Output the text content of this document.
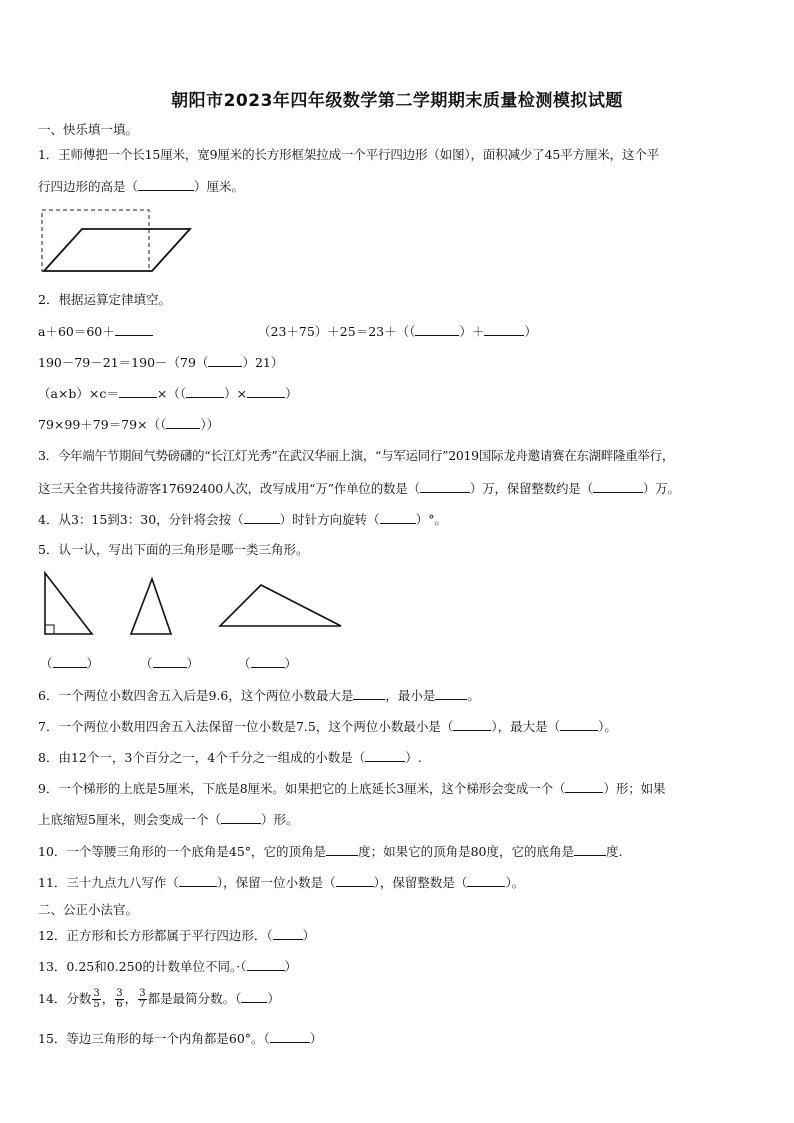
朝阳市2023年四年级数学第二学期期末质量检测模拟试题
一、快乐填一填。
1．王师傅把一个长15厘米，宽9厘米的长方形框架拉成一个平行四边形（如图），面积减少了45平方厘米，这个平
行四边形的高是（	）厘米。
2．根据运算定律填空。
a＋60＝60＋	（23＋75）＋25＝23＋（（	）＋	）
190－79－21＝190－（79（	）21）
（a×b）×c＝	×（（	）×	）
79×99＋79＝79×（（	））
3．今年端午节期间气势磅礴的“长江灯光秀”在武汉华丽上演，“与军运同行”2019国际龙舟邀请赛在东湖畔隆重举行，
这三天全省共接待游客17692400人次，改写成用“万”作单位的数是（	）万，保留整数约是（	）万。
4．从3：15到3：30，分针将会按（	）时针方向旋转（	）°。
5．认一认，写出下面的三角形是哪一类三角形。
（	）	（	）	（	）
6．一个两位小数四舍五入后是9.6，这个两位小数最大是	，最小是	。
7．一个两位小数用四舍五入法保留一位小数是7.5，这个两位小数最小是（	），最大是（	）。
8．由12个一，3个百分之一，4个千分之一组成的小数是（	）.
9．一个梯形的上底是5厘米，下底是8厘米。如果把它的上底延长3厘米，这个梯形会变成一个（	）形；如果
上底缩短5厘米，则会变成一个（	）形。
10．一个等腰三角形的一个底角是45°，它的顶角是	度；如果它的顶角是80度，它的底角是	度.
11．三十九点九八写作（	），保留一位小数是（	），保留整数是（	）。
二、公正小法官。
12．正方形和长方形都属于平行四边形．（ ）
13．0.25和0.250的计数单位不同。·（	）
14．分数 $\frac{3}{5}$ ， $\frac{3}{6}$ ， $\frac{3}{7}$ 都是最简分数。（ ）
15．等边三角形的每一个内角都是60°。（	）
